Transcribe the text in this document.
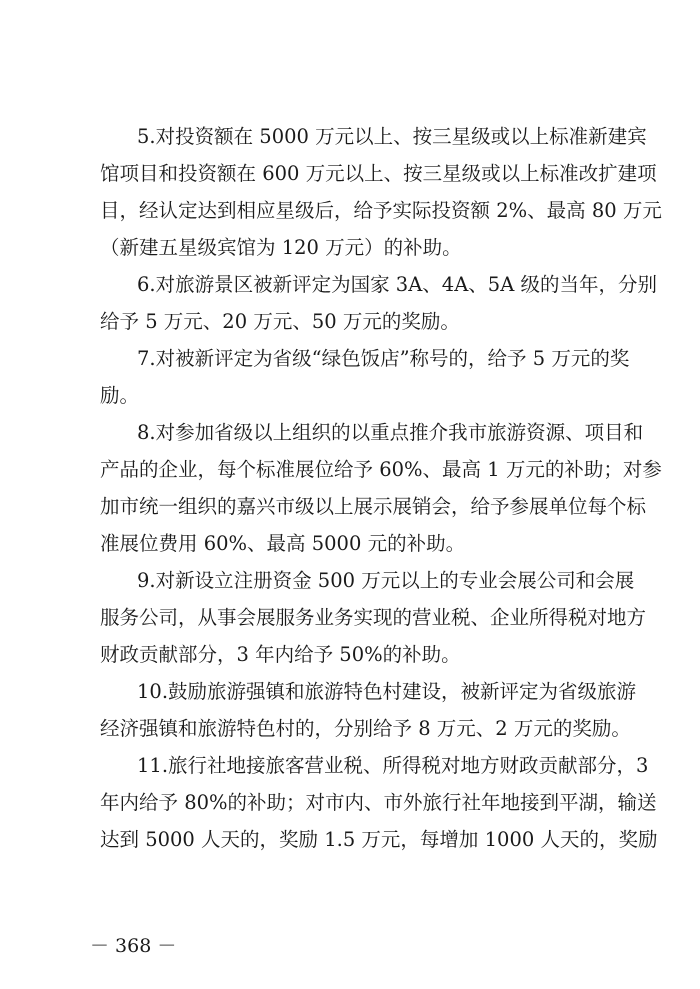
5.对投资额在 5000 万元以上、按三星级或以上标准新建宾
馆项目和投资额在 600 万元以上、按三星级或以上标准改扩建项
目，经认定达到相应星级后，给予实际投资额 2%、最高 80 万元
（新建五星级宾馆为 120 万元）的补助。
6.对旅游景区被新评定为国家 3A、4A、5A 级的当年，分别
给予 5 万元、20 万元、50 万元的奖励。
7.对被新评定为省级“绿色饭店”称号的，给予 5 万元的奖
励。
8.对参加省级以上组织的以重点推介我市旅游资源、项目和
产品的企业，每个标准展位给予 60%、最高 1 万元的补助；对参
加市统一组织的嘉兴市级以上展示展销会，给予参展单位每个标
准展位费用 60%、最高 5000 元的补助。
9.对新设立注册资金 500 万元以上的专业会展公司和会展
服务公司，从事会展服务业务实现的营业税、企业所得税对地方
财政贡献部分，3 年内给予 50%的补助。
10.鼓励旅游强镇和旅游特色村建设，被新评定为省级旅游
经济强镇和旅游特色村的，分别给予 8 万元、2 万元的奖励。
11.旅行社地接旅客营业税、所得税对地方财政贡献部分，3
年内给予 80%的补助；对市内、市外旅行社年地接到平湖，输送
达到 5000 人天的，奖励 1.5 万元，每增加 1000 人天的，奖励
－ 368 －
